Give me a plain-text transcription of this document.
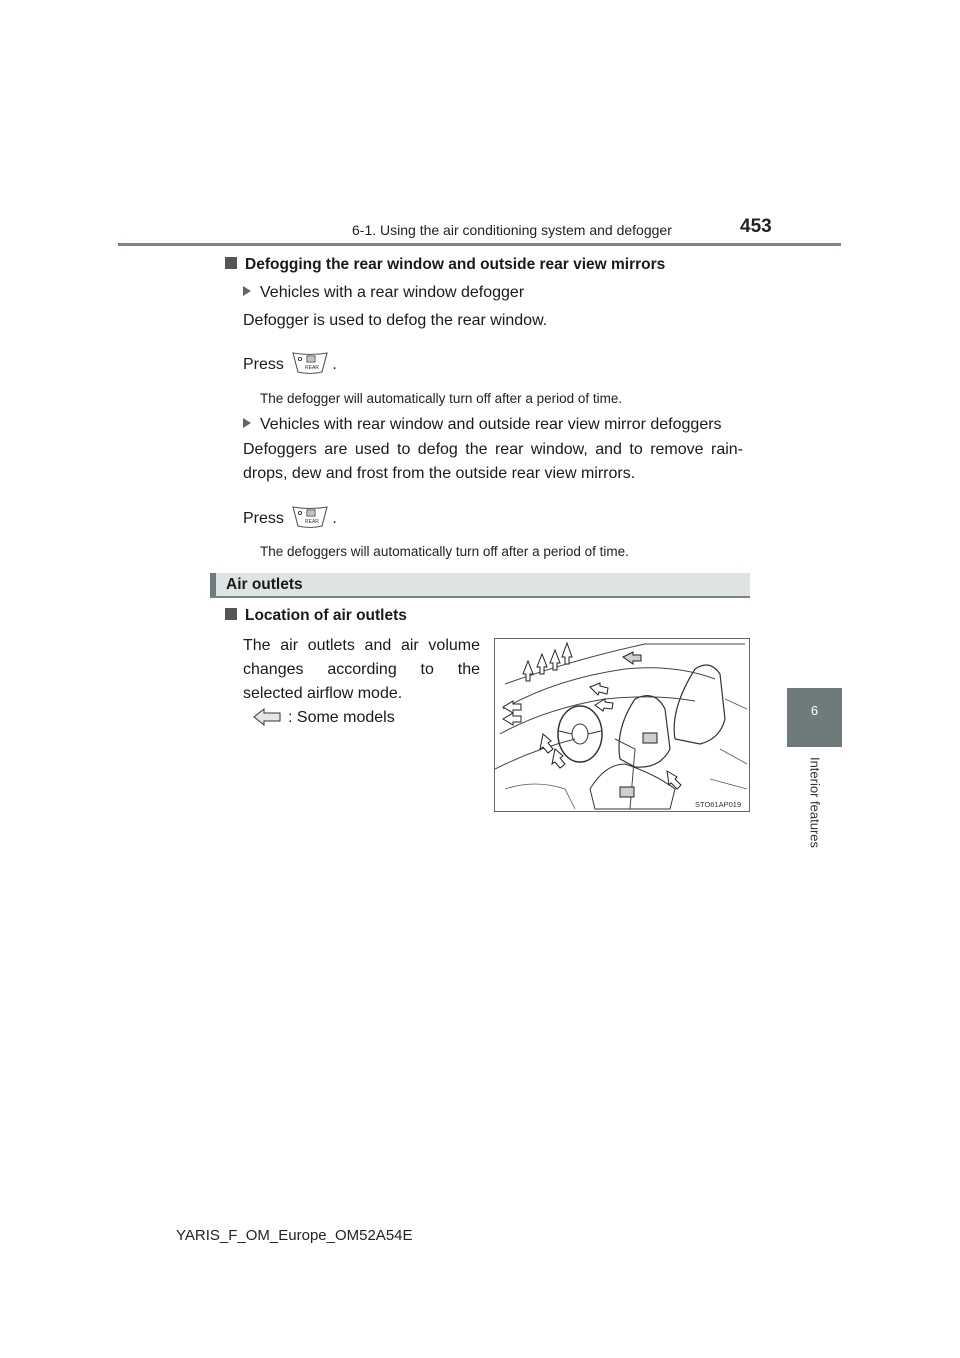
6-1. Using the air conditioning system and defogger	453
6
Interior features
Defogging the rear window and outside rear view mirrors
Vehicles with a rear window defogger
Defogger is used to defog the rear window.
Press	REAR .
The defogger will automatically turn off after a period of time.
Vehicles with rear window and outside rear view mirror defoggers
Defoggers are used to defog the rear window, and to remove rain-
drops, dew and frost from the outside rear view mirrors.
Press	REAR .
The defoggers will automatically turn off after a period of time.
Air outlets
Location of air outlets
The air outlets and air volume
changes according to the
selected airflow mode.
: Some models
STO61AP019
YARIS_F_OM_Europe_OM52A54E
